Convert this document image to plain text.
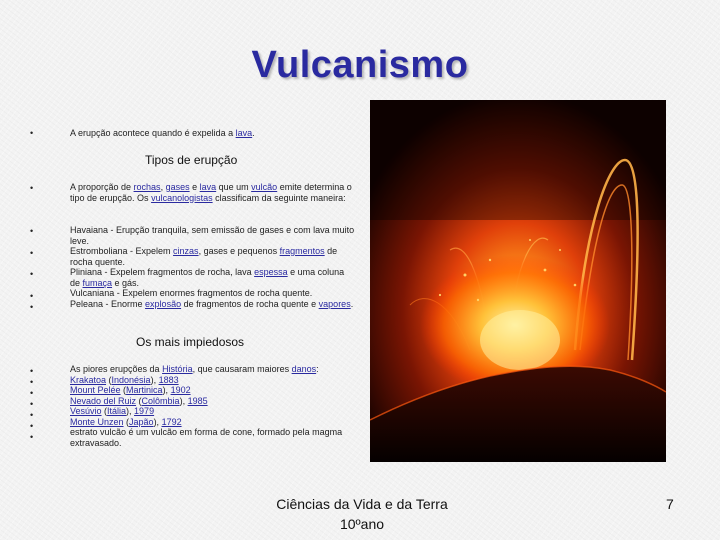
Vulcanismo
•	A erupção acontece quando é expelida a lava.
Tipos de erupção
•	A proporção de rochas, gases e lava que um vulcão emite determina o tipo de erupção. Os vulcanologistas classificam da seguinte maneira:
•
•
•
•
•
Havaiana - Erupção tranquila, sem emissão de gases e com lava muito leve.
Estromboliana - Expelem cinzas, gases e pequenos fragmentos de rocha quente.
Pliniana - Expelem fragmentos de rocha, lava espessa e uma coluna de fumaça e gás.
Vulcaniana - Expelem enormes fragmentos de rocha quente.
Peleana - Enorme explosão de fragmentos de rocha quente e vapores.
Os mais impiedosos
•
•
•
•
•
•
•
As piores erupções da História, que causaram maiores danos:
Krakatoa (Indonésia), 1883
Mount Pelée (Martinica), 1902
Nevado del Ruiz (Colômbia), 1985
Vesúvio (Itália), 1979
Monte Unzen (Japão), 1792
estrato vulcão é um vulcão em forma de cone, formado pela magma extravasado.
Ciências da Vida e da Terra
10ºano
7
